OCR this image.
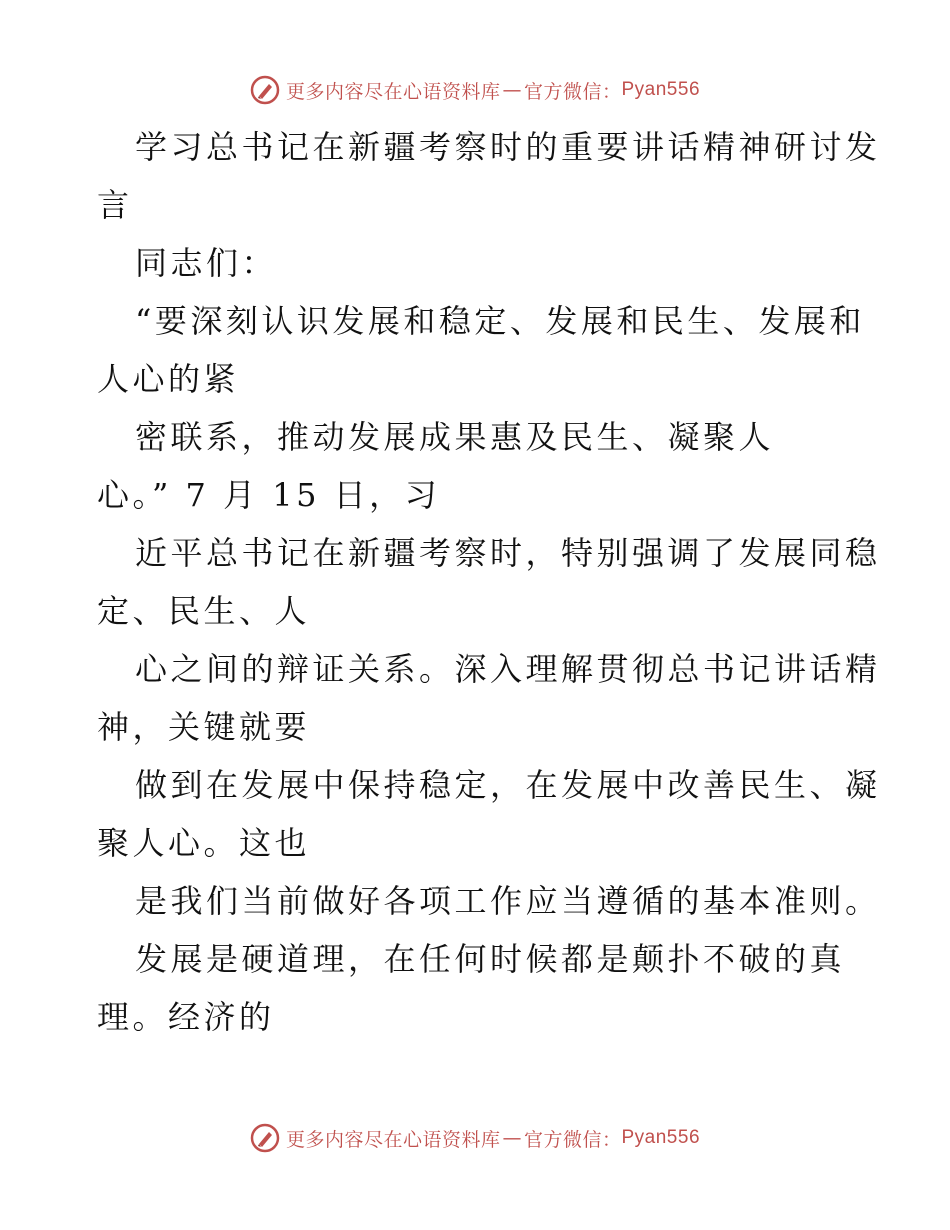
更多内容尽在心语资料库 — 官方微信： Pyan556
学习总书记在新疆考察时的重要讲话精神研讨发
言
同志们：
“要深刻认识发展和稳定、发展和民生、发展和
人心的紧
密联系，推动发展成果惠及民生、凝聚人
心。” 7 月 15 日，习
近平总书记在新疆考察时，特别强调了发展同稳
定、民生、人
心之间的辩证关系。深入理解贯彻总书记讲话精
神，关键就要
做到在发展中保持稳定，在发展中改善民生、凝
聚人心。这也
是我们当前做好各项工作应当遵循的基本准则。
发展是硬道理，在任何时候都是颠扑不破的真
理。经济的
更多内容尽在心语资料库 — 官方微信： Pyan556
